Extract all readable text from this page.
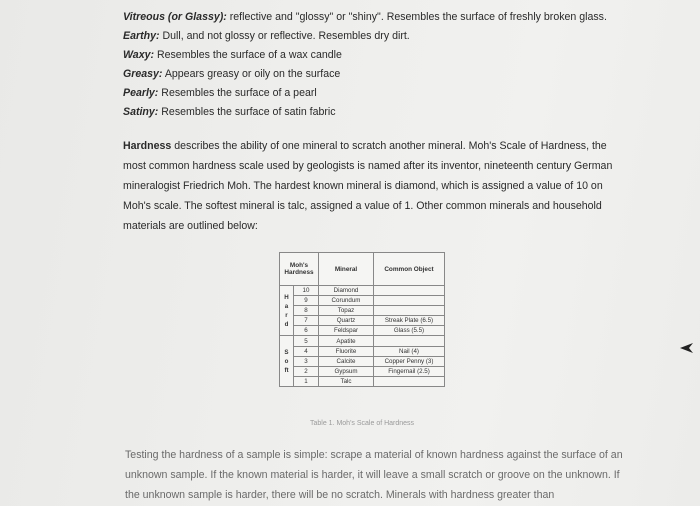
Vitreous (or Glassy): reflective and "glossy" or "shiny". Resembles the surface of freshly broken glass.
Earthy: Dull, and not glossy or reflective. Resembles dry dirt.
Waxy: Resembles the surface of a wax candle
Greasy: Appears greasy or oily on the surface
Pearly: Resembles the surface of a pearl
Satiny: Resembles the surface of satin fabric
Hardness describes the ability of one mineral to scratch another mineral. Moh's Scale of Hardness, the most common hardness scale used by geologists is named after its inventor, nineteenth century German mineralogist Friedrich Moh. The hardest known mineral is diamond, which is assigned a value of 10 on Moh's scale. The softest mineral is talc, assigned a value of 1. Other common minerals and household materials are outlined below:
Moh's Hardness		Mineral	Common Object
Hard	10	Diamond	
	9	Corundum	
	8	Topaz	
	7	Quartz	Streak Plate (6.5)
	6	Feldspar	Glass (5.5)
Soft	5	Apatite	
	4	Fluorite	Nail (4)
	3	Calcite	Copper Penny (3)
	2	Gypsum	Fingernail (2.5)
	1	Talc	
Table 1. Moh's Scale of Hardness
Testing the hardness of a sample is simple: scrape a material of known hardness against the surface of an unknown sample. If the known material is harder, it will leave a small scratch or groove on the unknown. If the unknown sample is harder, there will be no scratch. Minerals with hardness greater than
